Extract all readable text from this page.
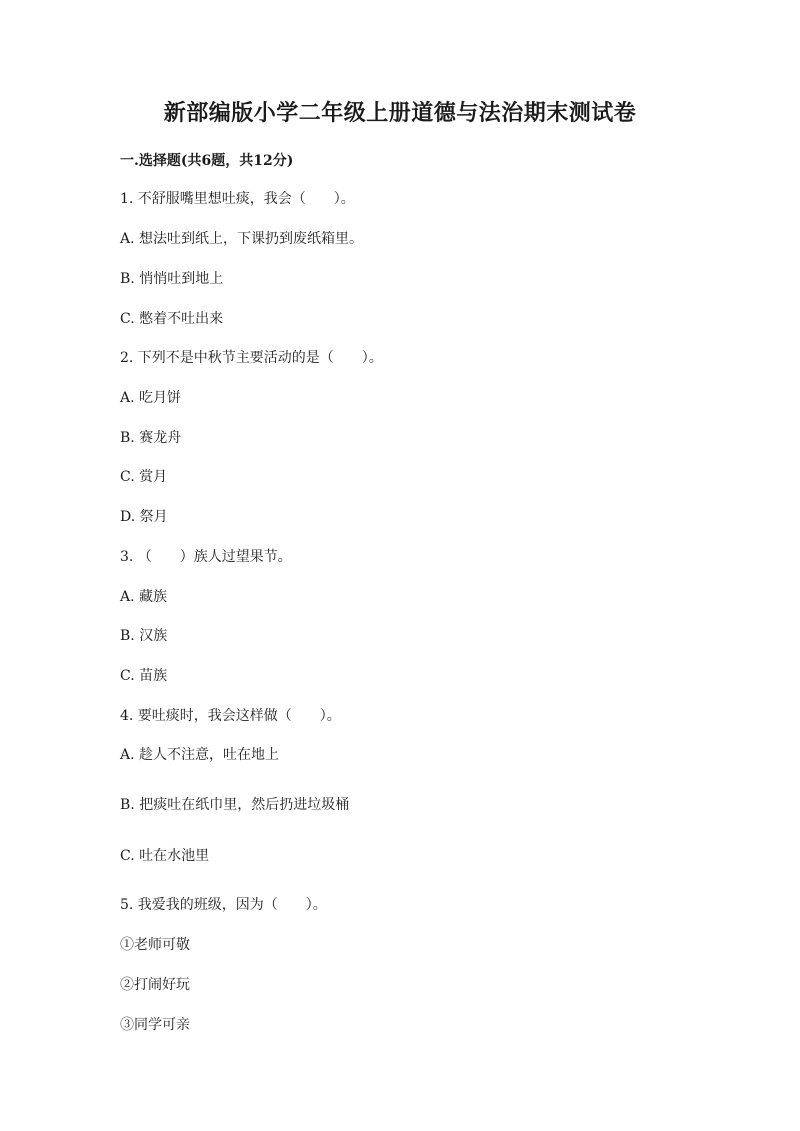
新部编版小学二年级上册道德与法治期末测试卷
一.选择题(共6题，共12分)
1. 不舒服嘴里想吐痰，我会（　　）。
A. 想法吐到纸上，下课扔到废纸箱里。
B. 悄悄吐到地上
C. 憋着不吐出来
2. 下列不是中秋节主要活动的是（　　）。
A. 吃月饼
B. 赛龙舟
C. 赏月
D. 祭月
3. （　　）族人过望果节。
A. 藏族
B. 汉族
C. 苗族
4. 要吐痰时，我会这样做（　　）。
A. 趁人不注意，吐在地上
B. 把痰吐在纸巾里，然后扔进垃圾桶
C. 吐在水池里
5. 我爱我的班级，因为（　　）。
①老师可敬
②打闹好玩
③同学可亲
